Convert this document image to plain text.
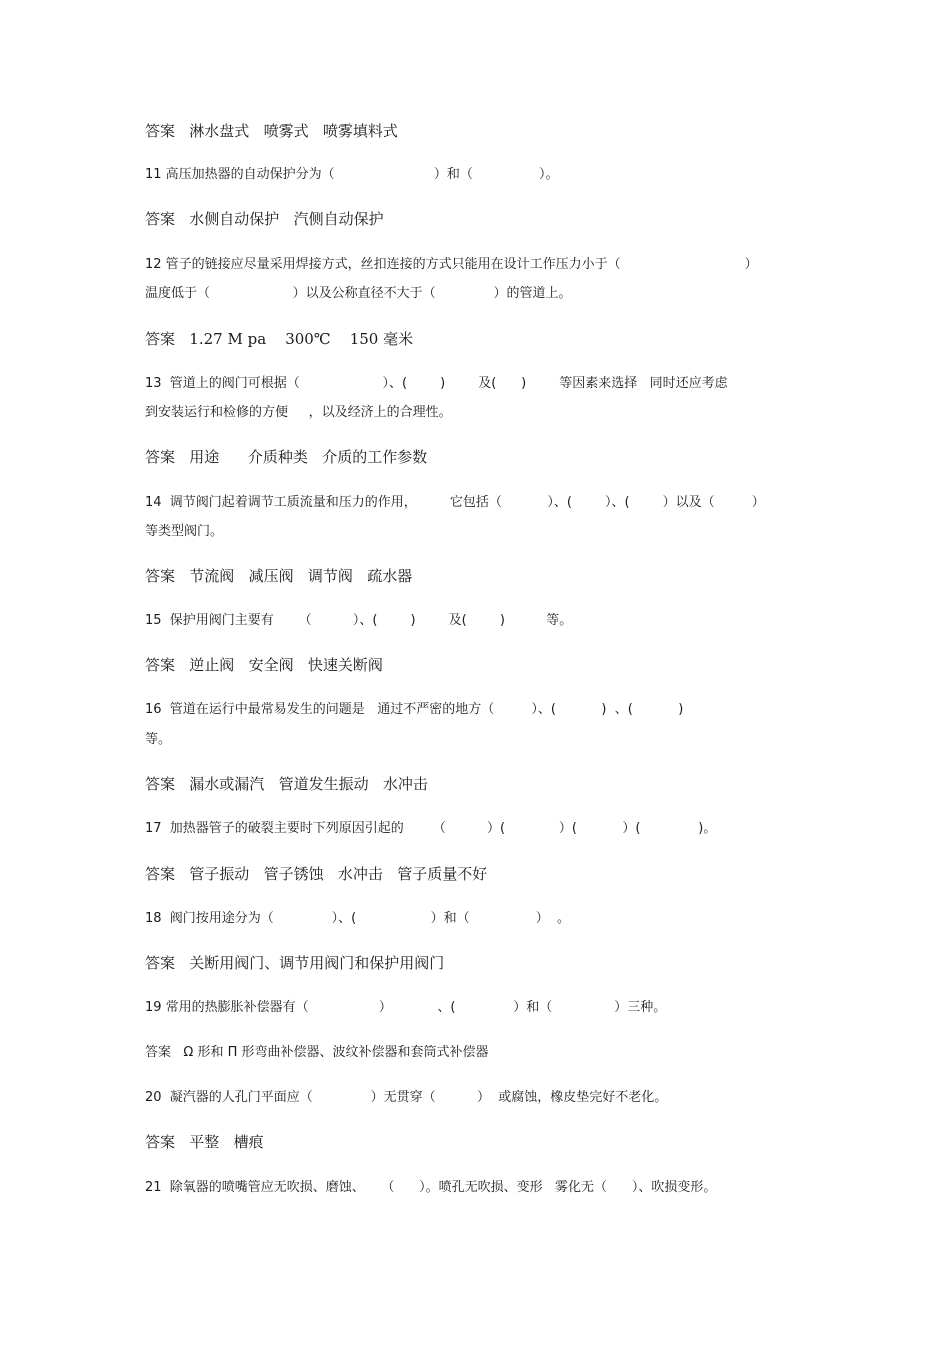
答案   淋水盘式   喷雾式   喷雾填料式
11 高压加热器的自动保护分为（                        ）和（                ）。
答案   水侧自动保护   汽侧自动保护
12 管子的链接应尽量采用焊接方式，丝扣连接的方式只能用在设计工作压力小于（                              ）
温度低于（                    ）以及公称直径不大于（              ）的管道上。
答案   1.27 M pa    300℃    150 毫米
13  管道上的阀门可根据（                    ）、(        )        及(      )        等因素来选择   同时还应考虑
到安装运行和检修的方便     ，以及经济上的合理性。
答案   用途      介质种类   介质的工作参数
14  调节阀门起着调节工质流量和压力的作用，        它包括（           ）、(        ）、(        ）以及（         ）
等类型阀门。
答案   节流阀   减压阀   调节阀   疏水器
15  保护用阀门主要有      （          ）、(        )        及(        )          等。
答案   逆止阀   安全阀   快速关断阀
16  管道在运行中最常易发生的问题是   通过不严密的地方（         ）、(           )  、(           )
等。
答案   漏水或漏汽   管道发生振动   水冲击
17  加热器管子的破裂主要时下列原因引起的       （          ）(             ）(           ）(              )。
答案   管子振动   管子锈蚀   水冲击   管子质量不好
18  阀门按用途分为（              ）、(                  ）和（                ）  。
答案   关断用阀门、调节用阀门和保护用阀门
19 常用的热膨胀补偿器有（                 ）           、(              ）和（               ）三种。
答案   Ω 形和 Π 形弯曲补偿器、波纹补偿器和套筒式补偿器
20  凝汽器的人孔门平面应（              ）无贯穿（          ）  或腐蚀，橡皮垫完好不老化。
答案   平整   槽痕
21  除氧器的喷嘴管应无吹损、磨蚀、    （      ）。喷孔无吹损、变形   雾化无（      ）、吹损变形。
